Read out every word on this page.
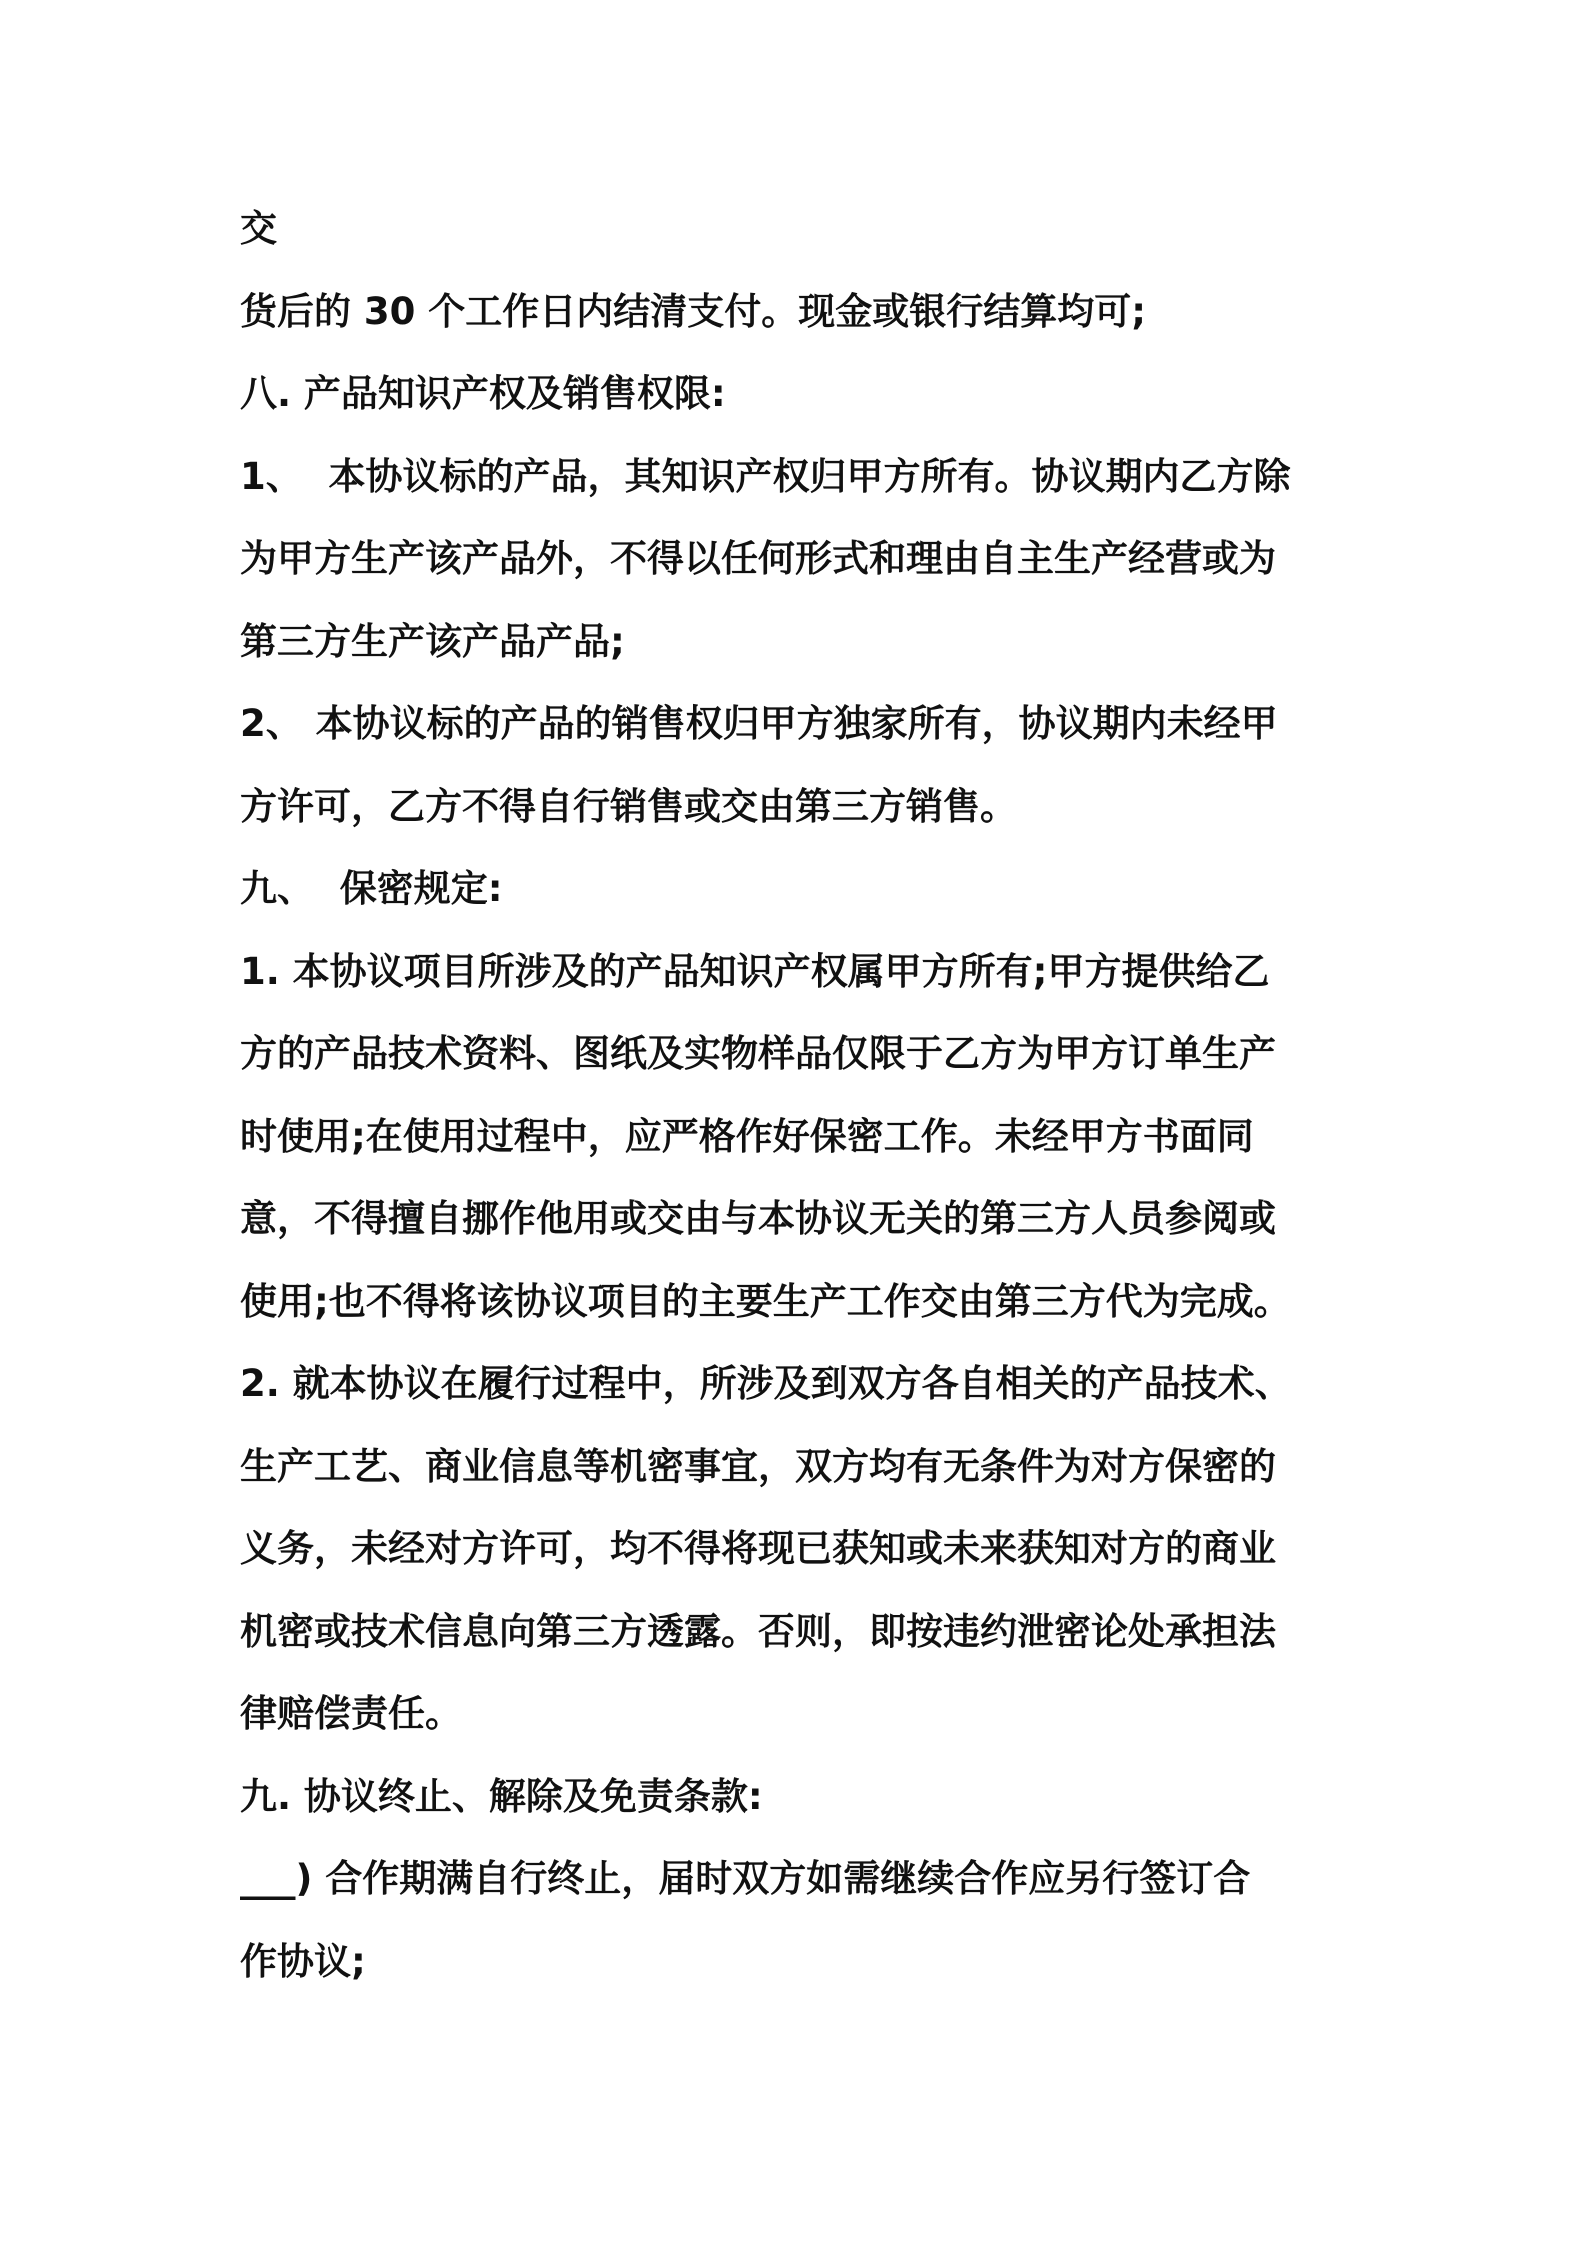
交
货后的 30 个工作日内结清支付。现金或银行结算均可;
八. 产品知识产权及销售权限:
1、  本协议标的产品，其知识产权归甲方所有。协议期内乙方除
为甲方生产该产品外，不得以任何形式和理由自主生产经营或为
第三方生产该产品产品;
2、 本协议标的产品的销售权归甲方独家所有，协议期内未经甲
方许可，乙方不得自行销售或交由第三方销售。
九、  保密规定:
1. 本协议项目所涉及的产品知识产权属甲方所有;甲方提供给乙
方的产品技术资料、图纸及实物样品仅限于乙方为甲方订单生产
时使用;在使用过程中，应严格作好保密工作。未经甲方书面同
意，不得擅自挪作他用或交由与本协议无关的第三方人员参阅或
使用;也不得将该协议项目的主要生产工作交由第三方代为完成。
2. 就本协议在履行过程中，所涉及到双方各自相关的产品技术、
生产工艺、商业信息等机密事宜，双方均有无条件为对方保密的
义务，未经对方许可，均不得将现已获知或未来获知对方的商业
机密或技术信息向第三方透露。否则，即按违约泄密论处承担法
律赔偿责任。
九. 协议终止、解除及免责条款:
___) 合作期满自行终止，届时双方如需继续合作应另行签订合
作协议;
